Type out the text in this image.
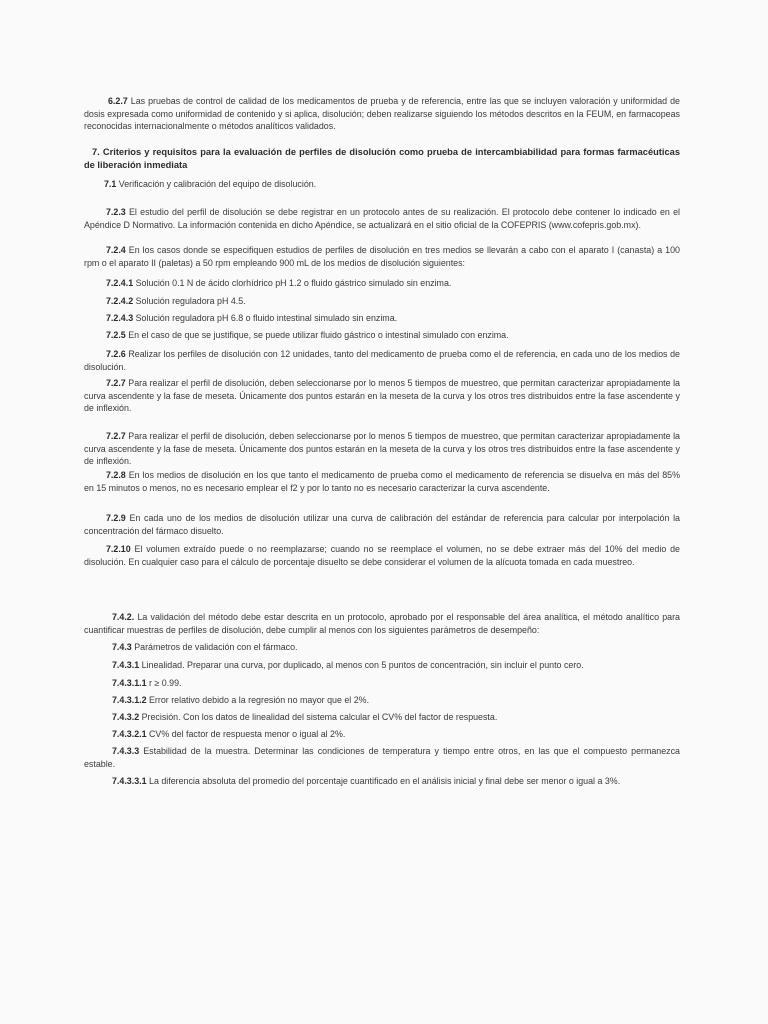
6.2.7 Las pruebas de control de calidad de los medicamentos de prueba y de referencia, entre las que se incluyen valoración y uniformidad de dosis expresada como uniformidad de contenido y si aplica, disolución; deben realizarse siguiendo los métodos descritos en la FEUM, en farmacopeas reconocidas internacionalmente o métodos analíticos validados.

7. Criterios y requisitos para la evaluación de perfiles de disolución como prueba de intercambiabilidad para formas farmacéuticas de liberación inmediata

7.1 Verificación y calibración del equipo de disolución.

7.2.3 El estudio del perfil de disolución se debe registrar en un protocolo antes de su realización. El protocolo debe contener lo indicado en el Apéndice D Normativo. La información contenida en dicho Apéndice, se actualizará en el sitio oficial de la COFEPRIS (www.cofepris.gob.mx).

7.2.4 En los casos donde se especifiquen estudios de perfiles de disolución en tres medios se llevarán a cabo con el aparato I (canasta) a 100 rpm o el aparato II (paletas) a 50 rpm empleando 900 mL de los medios de disolución siguientes:

7.2.4.1 Solución 0.1 N de ácido clorhídrico pH 1.2 o fluido gástrico simulado sin enzima.

7.2.4.2 Solución reguladora pH 4.5.

7.2.4.3 Solución reguladora pH 6.8 o fluido intestinal simulado sin enzima.

7.2.5 En el caso de que se justifique, se puede utilizar fluido gástrico o intestinal simulado con enzima.

7.2.6 Realizar los perfiles de disolución con 12 unidades, tanto del medicamento de prueba como el de referencia, en cada uno de los medios de disolución.

7.2.7 Para realizar el perfil de disolución, deben seleccionarse por lo menos 5 tiempos de muestreo, que permitan caracterizar apropiadamente la curva ascendente y la fase de meseta. Únicamente dos puntos estarán en la meseta de la curva y los otros tres distribuidos entre la fase ascendente y de inflexión.

7.2.7 Para realizar el perfil de disolución, deben seleccionarse por lo menos 5 tiempos de muestreo, que permitan caracterizar apropiadamente la curva ascendente y la fase de meseta. Únicamente dos puntos estarán en la meseta de la curva y los otros tres distribuidos entre la fase ascendente y de inflexión.

7.2.8 En los medios de disolución en los que tanto el medicamento de prueba como el medicamento de referencia se disuelva en más del 85% en 15 minutos o menos, no es necesario emplear el f2 y por lo tanto no es necesario caracterizar la curva ascendente.

7.2.9 En cada uno de los medios de disolución utilizar una curva de calibración del estándar de referencia para calcular por interpolación la concentración del fármaco disuelto.

7.2.10 El volumen extraído puede o no reemplazarse; cuando no se reemplace el volumen, no se debe extraer más del 10% del medio de disolución. En cualquier caso para el cálculo de porcentaje disuelto se debe considerar el volumen de la alícuota tomada en cada muestreo.

7.4.2. La validación del método debe estar descrita en un protocolo, aprobado por el responsable del área analítica, el método analítico para cuantificar muestras de perfiles de disolución, debe cumplir al menos con los siguientes parámetros de desempeño:

7.4.3 Parámetros de validación con el fármaco.

7.4.3.1 Linealidad. Preparar una curva, por duplicado, al menos con 5 puntos de concentración, sin incluir el punto cero.

7.4.3.1.1 r ≥ 0.99.

7.4.3.1.2 Error relativo debido a la regresión no mayor que el 2%.

7.4.3.2 Precisión. Con los datos de linealidad del sistema calcular el CV% del factor de respuesta.

7.4.3.2.1 CV% del factor de respuesta menor o igual al 2%.

7.4.3.3 Estabilidad de la muestra. Determinar las condiciones de temperatura y tiempo entre otros, en las que el compuesto permanezca estable.

7.4.3.3.1 La diferencia absoluta del promedio del porcentaje cuantificado en el análisis inicial y final debe ser menor o igual a 3%.
